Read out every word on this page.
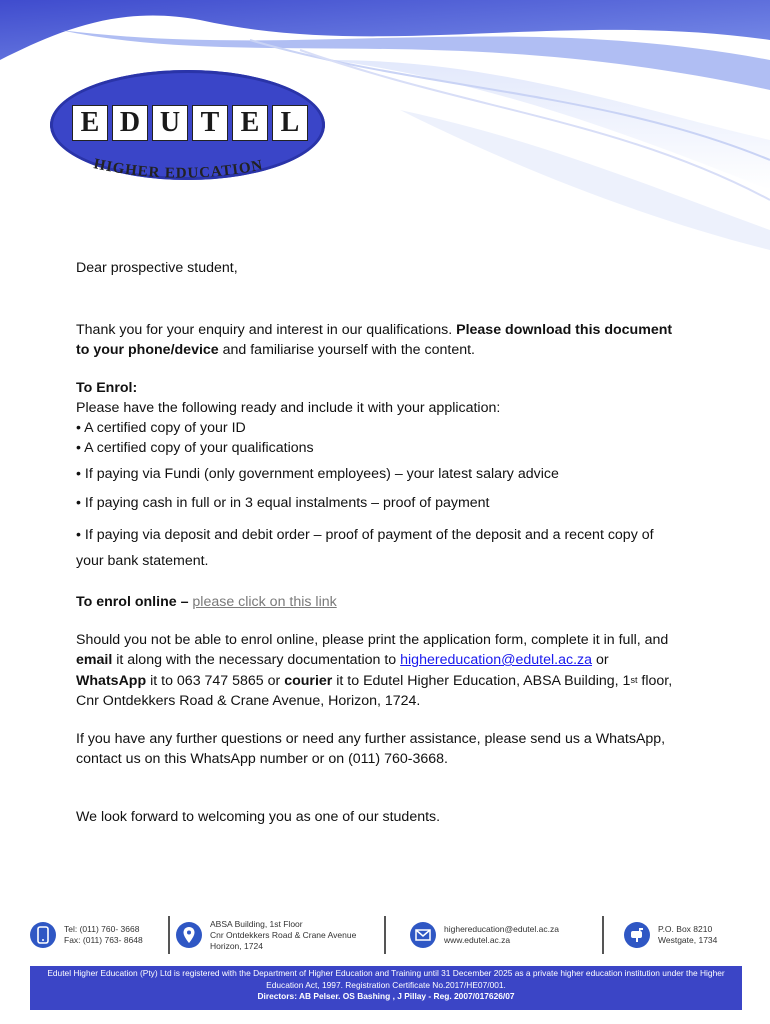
E D U T E L
HIGHER EDUCATION

Dear prospective student,

Thank you for your enquiry and interest in our qualifications. Please download this document to your phone/device and familiarise yourself with the content.

To Enrol:

Please have the following ready and include it with your application:

• A certified copy of your ID

• A certified copy of your qualifications

• If paying via Fundi (only government employees) – your latest salary advice

• If paying cash in full or in 3 equal instalments – proof of payment

• If paying via deposit and debit order – proof of payment of the deposit and a recent copy of your bank statement.

To enrol online – please click on this link

Should you not be able to enrol online, please print the application form, complete it in full, and email it along with the necessary documentation to highereducation@edutel.ac.za or WhatsApp it to 063 747 5865 or courier it to Edutel Higher Education, ABSA Building, 1st floor, Cnr Ontdekkers Road & Crane Avenue, Horizon, 1724.

If you have any further questions or need any further assistance, please send us a WhatsApp, contact us on this WhatsApp number or on (011) 760-3668.

We look forward to welcoming you as one of our students.

Tel: (011) 760- 3668
Fax: (011) 763- 8648
ABSA Building, 1st Floor
Cnr Ontdekkers Road & Crane Avenue
Horizon, 1724
highereducation@edutel.ac.za
www.edutel.ac.za
P.O. Box 8210
Westgate, 1734
Edutel Higher Education (Pty) Ltd is registered with the Department of Higher Education and Training until 31 December 2025 as a private higher education institution under the Higher Education Act, 1997. Registration Certificate No.2017/HE07/001.
Directors: AB Pelser. OS Bashing , J Pillay - Reg. 2007/017626/07
